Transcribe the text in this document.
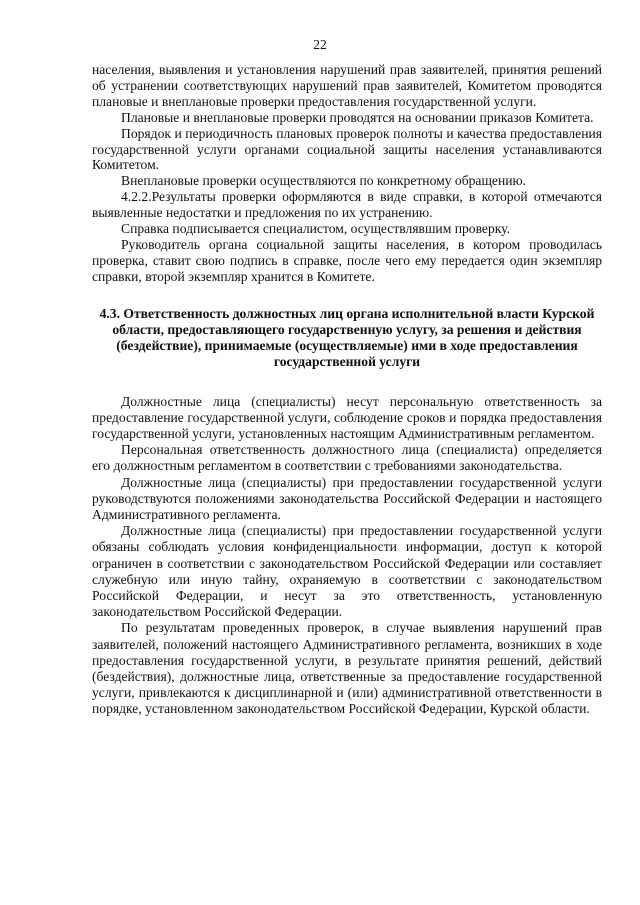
22

населения, выявления и установления нарушений прав заявителей, принятия решений об устранении соответствующих нарушений прав заявителей, Комитетом проводятся плановые и внеплановые проверки предоставления государственной услуги.

Плановые и внеплановые проверки проводятся на основании приказов Комитета.

Порядок и периодичность плановых проверок полноты и качества предоставления государственной услуги органами социальной защиты населения устанавливаются Комитетом.

Внеплановые проверки осуществляются по конкретному обращению.

4.2.2.Результаты проверки оформляются в виде справки, в которой отмечаются выявленные недостатки и предложения по их устранению.

Справка подписывается специалистом, осуществлявшим проверку.

Руководитель органа социальной защиты населения, в котором проводилась проверка, ставит свою подпись в справке, после чего ему передается один экземпляр справки, второй экземпляр хранится в Комитете.

4.3. Ответственность должностных лиц органа исполнительной власти Курской области, предоставляющего государственную услугу, за решения и действия (бездействие), принимаемые (осуществляемые) ими в ходе предоставления государственной услуги

Должностные лица (специалисты) несут персональную ответственность за предоставление государственной услуги, соблюдение сроков и порядка предоставления государственной услуги, установленных настоящим Административным регламентом.

Персональная ответственность должностного лица (специалиста) определяется его должностным регламентом в соответствии с требованиями законодательства.

Должностные лица (специалисты) при предоставлении государственной услуги руководствуются положениями законодательства Российской Федерации и настоящего Административного регламента.

Должностные лица (специалисты) при предоставлении государственной услуги обязаны соблюдать условия конфиденциальности информации, доступ к которой ограничен в соответствии с законодательством Российской Федерации или составляет служебную или иную тайну, охраняемую в соответствии с законодательством Российской Федерации, и несут за это ответственность, установленную законодательством Российской Федерации.

По результатам проведенных проверок, в случае выявления нарушений прав заявителей, положений настоящего Административного регламента, возникших в ходе предоставления государственной услуги, в результате принятия решений, действий (бездействия), должностные лица, ответственные за предоставление государственной услуги, привлекаются к дисциплинарной и (или) административной ответственности в порядке, установленном законодательством Российской Федерации, Курской области.
